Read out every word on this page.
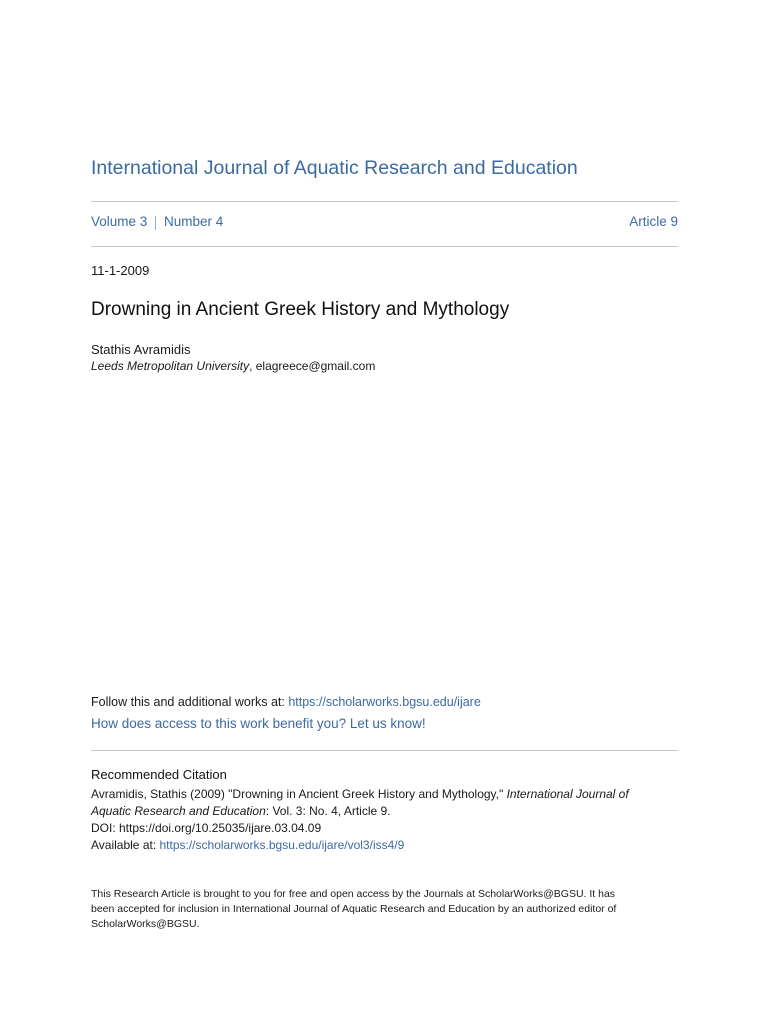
International Journal of Aquatic Research and Education
Volume 3 Number 4	Article 9
11-1-2009
Drowning in Ancient Greek History and Mythology
Stathis Avramidis
Leeds Metropolitan University, elagreece@gmail.com
Follow this and additional works at: https://scholarworks.bgsu.edu/ijare
How does access to this work benefit you? Let us know!
Recommended Citation
Avramidis, Stathis (2009) "Drowning in Ancient Greek History and Mythology," International Journal of
Aquatic Research and Education: Vol. 3: No. 4, Article 9.
DOI: https://doi.org/10.25035/ijare.03.04.09
Available at: https://scholarworks.bgsu.edu/ijare/vol3/iss4/9
This Research Article is brought to you for free and open access by the Journals at ScholarWorks@BGSU. It has
been accepted for inclusion in International Journal of Aquatic Research and Education by an authorized editor of
ScholarWorks@BGSU.
